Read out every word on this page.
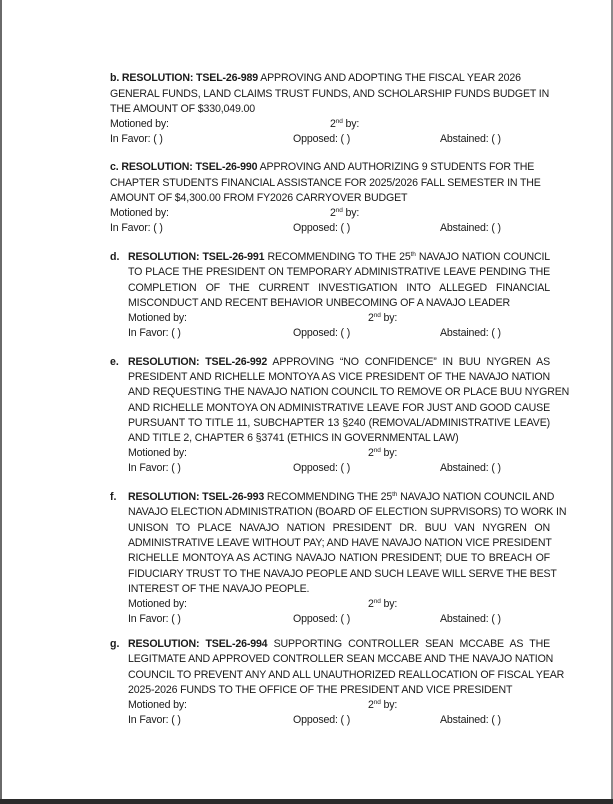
b. RESOLUTION: TSEL-26-989 APPROVING AND ADOPTING THE FISCAL YEAR 2026
GENERAL FUNDS, LAND CLAIMS TRUST FUNDS, AND SCHOLARSHIP FUNDS BUDGET IN
THE AMOUNT OF $330,049.00
Motioned by:	2nd by:
In Favor: ( )	Opposed: ( )	Abstained: ( )
c. RESOLUTION: TSEL-26-990 APPROVING AND AUTHORIZING 9 STUDENTS FOR THE
CHAPTER STUDENTS FINANCIAL ASSISTANCE FOR 2025/2026 FALL SEMESTER IN THE
AMOUNT OF $4,300.00 FROM FY2026 CARRYOVER BUDGET
Motioned by:	2nd by:
In Favor: ( )	Opposed: ( )	Abstained: ( )
d. RESOLUTION: TSEL-26-991 RECOMMENDING TO THE 25th NAVAJO NATION COUNCIL
TO PLACE THE PRESIDENT ON TEMPORARY ADMINISTRATIVE LEAVE PENDING THE
COMPLETION OF THE CURRENT INVESTIGATION INTO ALLEGED FINANCIAL
MISCONDUCT AND RECENT BEHAVIOR UNBECOMING OF A NAVAJO LEADER
Motioned by:	2nd by:
In Favor: ( )	Opposed: ( )	Abstained: ( )
e. RESOLUTION: TSEL-26-992 APPROVING “NO CONFIDENCE” IN BUU NYGREN AS
PRESIDENT AND RICHELLE MONTOYA AS VICE PRESIDENT OF THE NAVAJO NATION
AND REQUESTING THE NAVAJO NATION COUNCIL TO REMOVE OR PLACE BUU NYGREN
AND RICHELLE MONTOYA ON ADMINISTRATIVE LEAVE FOR JUST AND GOOD CAUSE
PURSUANT TO TITLE 11, SUBCHAPTER 13 §240 (REMOVAL/ADMINISTRATIVE LEAVE)
AND TITLE 2, CHAPTER 6 §3741 (ETHICS IN GOVERNMENTAL LAW)
Motioned by:	2nd by:
In Favor: ( )	Opposed: ( )	Abstained: ( )
f. RESOLUTION: TSEL-26-993 RECOMMENDING THE 25th NAVAJO NATION COUNCIL AND
NAVAJO ELECTION ADMINISTRATION (BOARD OF ELECTION SUPRVISORS) TO WORK IN
UNISON TO PLACE NAVAJO NATION PRESIDENT DR. BUU VAN NYGREN ON
ADMINISTRATIVE LEAVE WITHOUT PAY; AND HAVE NAVAJO NATION VICE PRESIDENT
RICHELLE MONTOYA AS ACTING NAVAJO NATION PRESIDENT; DUE TO BREACH OF
FIDUCIARY TRUST TO THE NAVAJO PEOPLE AND SUCH LEAVE WILL SERVE THE BEST
INTEREST OF THE NAVAJO PEOPLE.
Motioned by:	2nd by:
In Favor: ( )	Opposed: ( )	Abstained: ( )
g. RESOLUTION: TSEL-26-994 SUPPORTING CONTROLLER SEAN MCCABE AS THE
LEGITMATE AND APPROVED CONTROLLER SEAN MCCABE AND THE NAVAJO NATION
COUNCIL TO PREVENT ANY AND ALL UNAUTHORIZED REALLOCATION OF FISCAL YEAR
2025-2026 FUNDS TO THE OFFICE OF THE PRESIDENT AND VICE PRESIDENT
Motioned by:	2nd by:
In Favor: ( )	Opposed: ( )	Abstained: ( )
